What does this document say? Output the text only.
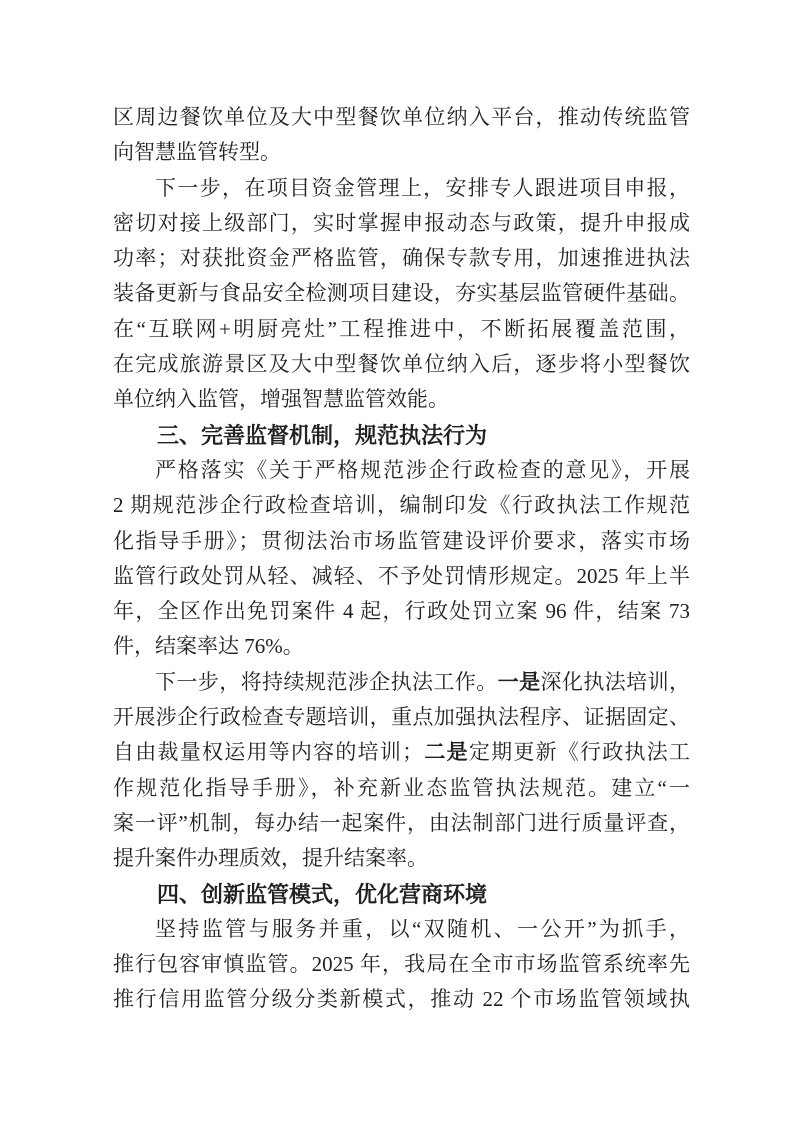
区周边餐饮单位及大中型餐饮单位纳入平台，推动传统监管
向智慧监管转型。
下一步，在项目资金管理上，安排专人跟进项目申报，
密切对接上级部门，实时掌握申报动态与政策，提升申报成
功率；对获批资金严格监管，确保专款专用，加速推进执法
装备更新与食品安全检测项目建设，夯实基层监管硬件基础。
在“互联网+明厨亮灶”工程推进中，不断拓展覆盖范围，
在完成旅游景区及大中型餐饮单位纳入后，逐步将小型餐饮
单位纳入监管，增强智慧监管效能。
三、完善监督机制，规范执法行为
严格落实《关于严格规范涉企行政检查的意见》，开展
2 期规范涉企行政检查培训，编制印发《行政执法工作规范
化指导手册》；贯彻法治市场监管建设评价要求，落实市场
监管行政处罚从轻、减轻、不予处罚情形规定。2025 年上半
年，全区作出免罚案件 4 起，行政处罚立案 96 件，结案 73
件，结案率达 76%。
下一步，将持续规范涉企执法工作。一是深化执法培训，
开展涉企行政检查专题培训，重点加强执法程序、证据固定、
自由裁量权运用等内容的培训；二是定期更新《行政执法工
作规范化指导手册》，补充新业态监管执法规范。建立“一
案一评”机制，每办结一起案件，由法制部门进行质量评查，
提升案件办理质效，提升结案率。
四、创新监管模式，优化营商环境
坚持监管与服务并重，以“双随机、一公开”为抓手，
推行包容审慎监管。2025 年，我局在全市市场监管系统率先
推行信用监管分级分类新模式，推动 22 个市场监管领域执
